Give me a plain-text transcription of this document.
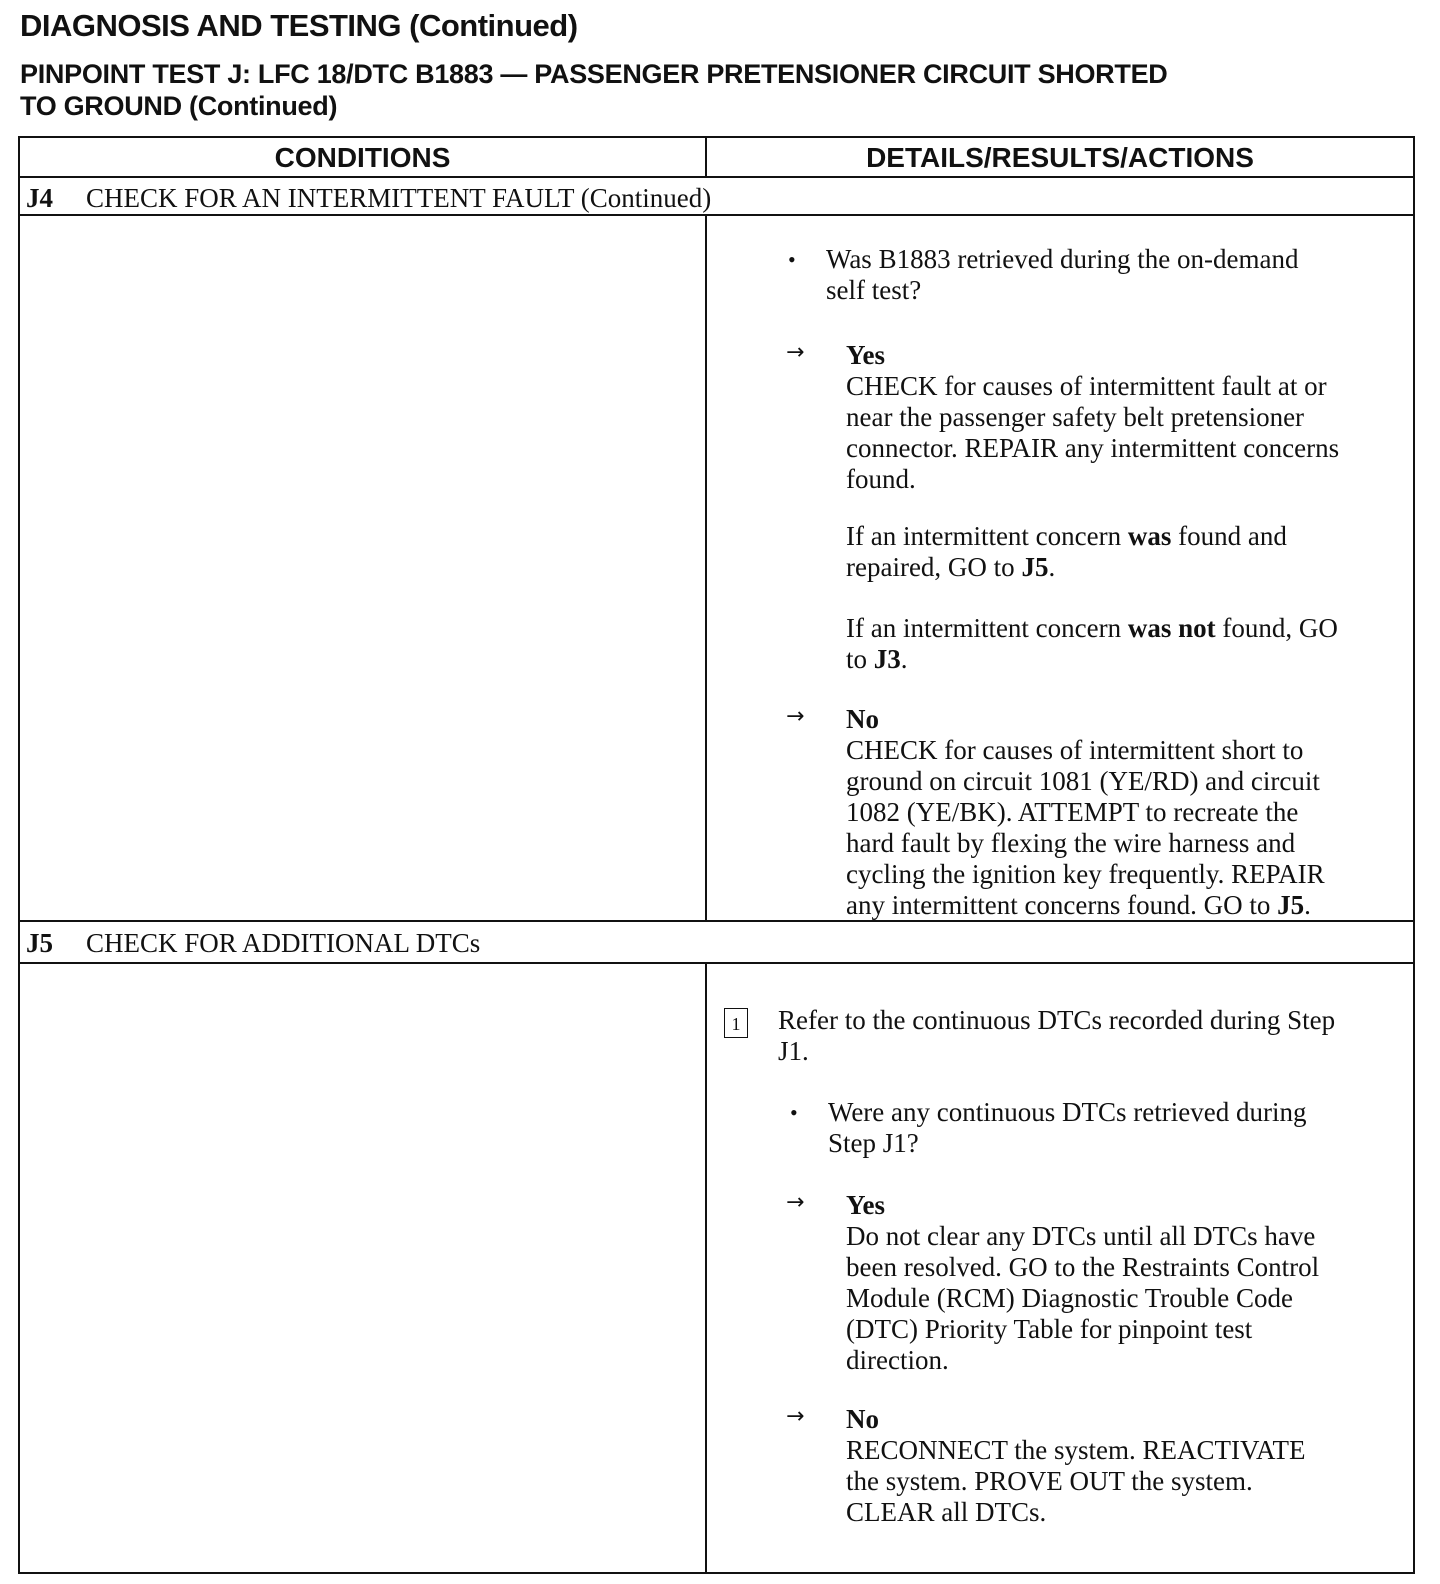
DIAGNOSIS AND TESTING (Continued)
PINPOINT TEST J: LFC 18/DTC B1883 — PASSENGER PRETENSIONER CIRCUIT SHORTED
TO GROUND (Continued)
CONDITIONS	DETAILS/RESULTS/ACTIONS
J4 CHECK FOR AN INTERMITTENT FAULT (Continued)
• Was B1883 retrieved during the on-demand

self test?

→ Yes

CHECK for causes of intermittent fault at or

near the passenger safety belt pretensioner

connector. REPAIR any intermittent concerns

found.

If an intermittent concern was found and

repaired, GO to J5.

If an intermittent concern was not found, GO

to J3.

→ No

CHECK for causes of intermittent short to

ground on circuit 1081 (YE/RD) and circuit

1082 (YE/BK). ATTEMPT to recreate the

hard fault by flexing the wire harness and

cycling the ignition key frequently. REPAIR

any intermittent concerns found. GO to J5.

J5 CHECK FOR ADDITIONAL DTCs
1 Refer to the continuous DTCs recorded during Step

J1.

• Were any continuous DTCs retrieved during

Step J1?

→ Yes

Do not clear any DTCs until all DTCs have

been resolved. GO to the Restraints Control

Module (RCM) Diagnostic Trouble Code

(DTC) Priority Table for pinpoint test

direction.

→ No

RECONNECT the system. REACTIVATE

the system. PROVE OUT the system.

CLEAR all DTCs.
